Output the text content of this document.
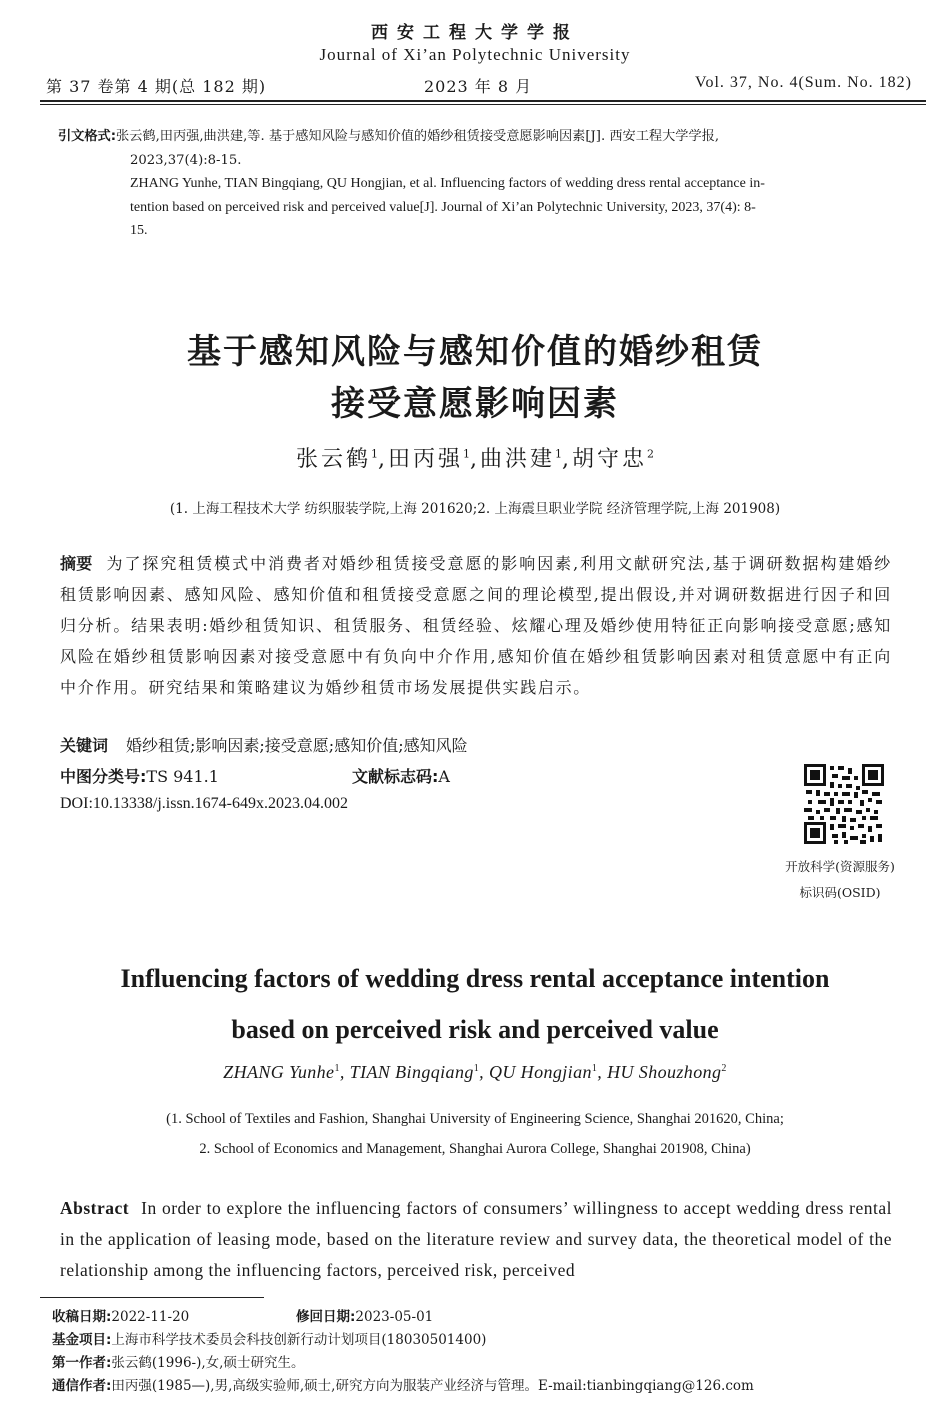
西安工程大学学报
Journal of Xi’an Polytechnic University
第 37 卷第 4 期(总 182 期)	2023 年 8 月	Vol. 37, No. 4(Sum. No. 182)
引文格式:张云鹤,田丙强,曲洪建,等. 基于感知风险与感知价值的婚纱租赁接受意愿影响因素[J]. 西安工程大学学报,
2023,37(4):8-15.
ZHANG Yunhe, TIAN Bingqiang, QU Hongjian, et al. Influencing factors of wedding dress rental acceptance in-
tention based on perceived risk and perceived value[J]. Journal of Xi’an Polytechnic University, 2023, 37(4): 8-
15.
基于感知风险与感知价值的婚纱租赁
接受意愿影响因素
张云鹤$^1$,田丙强$^1$,曲洪建$^1$,胡守忠$^2$
(1. 上海工程技术大学 纺织服装学院,上海 201620;2. 上海震旦职业学院 经济管理学院,上海 201908)
摘要 为了探究租赁模式中消费者对婚纱租赁接受意愿的影响因素,利用文献研究法,基于调研数据构建婚纱租赁影响因素、感知风险、感知价值和租赁接受意愿之间的理论模型,提出假设,并对调研数据进行因子和回归分析。结果表明:婚纱租赁知识、租赁服务、租赁经验、炫耀心理及婚纱使用特征正向影响接受意愿;感知风险在婚纱租赁影响因素对接受意愿中有负向中介作用,感知价值在婚纱租赁影响因素对租赁意愿中有正向中介作用。研究结果和策略建议为婚纱租赁市场发展提供实践启示。
关键词 婚纱租赁;影响因素;接受意愿;感知价值;感知风险
中图分类号:TS 941.1	文献标志码:A
DOI:10.13338/j.issn.1674-649x.2023.04.002
开放科学(资源服务)
标识码(OSID)
Influencing factors of wedding dress rental acceptance intention
based on perceived risk and perceived value
ZHANG Yunhe$^1$, TIAN Bingqiang$^1$, QU Hongjian$^1$, HU Shouzhong$^2$
(1. School of Textiles and Fashion, Shanghai University of Engineering Science, Shanghai 201620, China;
2. School of Economics and Management, Shanghai Aurora College, Shanghai 201908, China)
Abstract In order to explore the influencing factors of consumers’ willingness to accept wedding dress rental in the application of leasing mode, based on the literature review and survey data, the theoretical model of the relationship among the influencing factors, perceived risk, perceived
收稿日期:2022-11-20	修回日期:2023-05-01
基金项目:上海市科学技术委员会科技创新行动计划项目(18030501400)
第一作者:张云鹤(1996-),女,硕士研究生。
通信作者:田丙强(1985—),男,高级实验师,硕士,研究方向为服装产业经济与管理。E-mail:tianbingqiang@126.com
